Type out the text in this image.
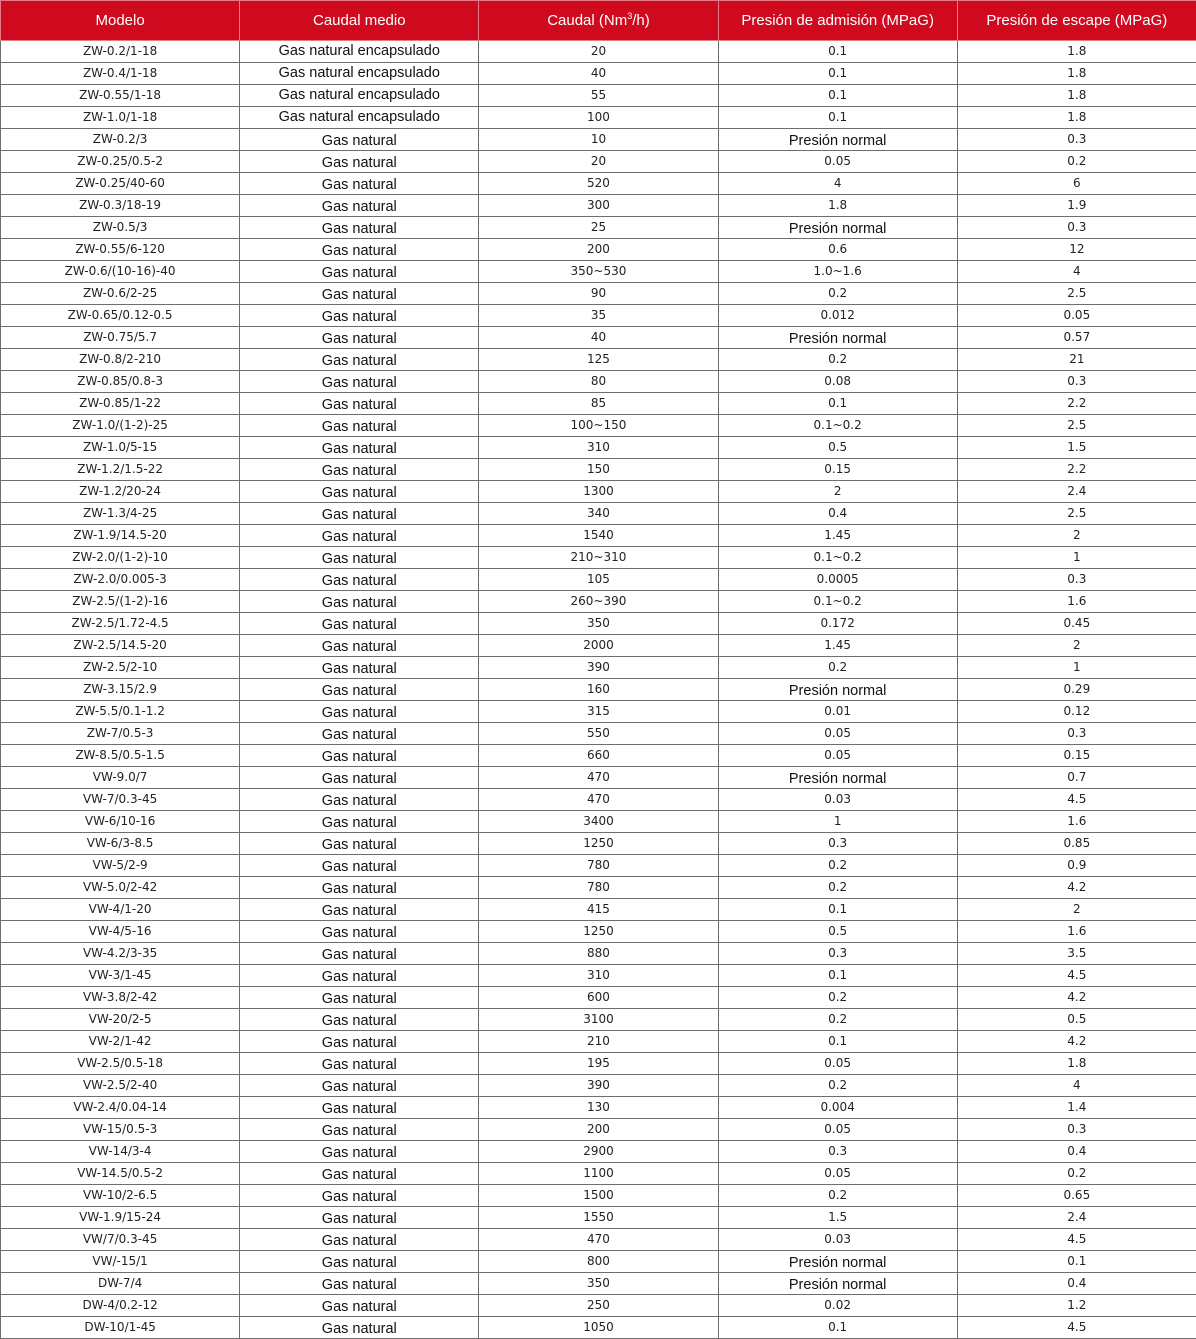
Modelo	Caudal medio	Caudal (Nm$^3$/h)	Presión de admisión (MPaG)	Presión de escape (MPaG)
ZW-0.2/1-18	Gas natural encapsulado	20	0.1	1.8
ZW-0.4/1-18	Gas natural encapsulado	40	0.1	1.8
ZW-0.55/1-18	Gas natural encapsulado	55	0.1	1.8
ZW-1.0/1-18	Gas natural encapsulado	100	0.1	1.8
ZW-0.2/3	Gas natural	10	Presión normal	0.3
ZW-0.25/0.5-2	Gas natural	20	0.05	0.2
ZW-0.25/40-60	Gas natural	520	4	6
ZW-0.3/18-19	Gas natural	300	1.8	1.9
ZW-0.5/3	Gas natural	25	Presión normal	0.3
ZW-0.55/6-120	Gas natural	200	0.6	12
ZW-0.6/(10-16)-40	Gas natural	350~530	1.0~1.6	4
ZW-0.6/2-25	Gas natural	90	0.2	2.5
ZW-0.65/0.12-0.5	Gas natural	35	0.012	0.05
ZW-0.75/5.7	Gas natural	40	Presión normal	0.57
ZW-0.8/2-210	Gas natural	125	0.2	21
ZW-0.85/0.8-3	Gas natural	80	0.08	0.3
ZW-0.85/1-22	Gas natural	85	0.1	2.2
ZW-1.0/(1-2)-25	Gas natural	100~150	0.1~0.2	2.5
ZW-1.0/5-15	Gas natural	310	0.5	1.5
ZW-1.2/1.5-22	Gas natural	150	0.15	2.2
ZW-1.2/20-24	Gas natural	1300	2	2.4
ZW-1.3/4-25	Gas natural	340	0.4	2.5
ZW-1.9/14.5-20	Gas natural	1540	1.45	2
ZW-2.0/(1-2)-10	Gas natural	210~310	0.1~0.2	1
ZW-2.0/0.005-3	Gas natural	105	0.0005	0.3
ZW-2.5/(1-2)-16	Gas natural	260~390	0.1~0.2	1.6
ZW-2.5/1.72-4.5	Gas natural	350	0.172	0.45
ZW-2.5/14.5-20	Gas natural	2000	1.45	2
ZW-2.5/2-10	Gas natural	390	0.2	1
ZW-3.15/2.9	Gas natural	160	Presión normal	0.29
ZW-5.5/0.1-1.2	Gas natural	315	0.01	0.12
ZW-7/0.5-3	Gas natural	550	0.05	0.3
ZW-8.5/0.5-1.5	Gas natural	660	0.05	0.15
VW-9.0/7	Gas natural	470	Presión normal	0.7
VW-7/0.3-45	Gas natural	470	0.03	4.5
VW-6/10-16	Gas natural	3400	1	1.6
VW-6/3-8.5	Gas natural	1250	0.3	0.85
VW-5/2-9	Gas natural	780	0.2	0.9
VW-5.0/2-42	Gas natural	780	0.2	4.2
VW-4/1-20	Gas natural	415	0.1	2
VW-4/5-16	Gas natural	1250	0.5	1.6
VW-4.2/3-35	Gas natural	880	0.3	3.5
VW-3/1-45	Gas natural	310	0.1	4.5
VW-3.8/2-42	Gas natural	600	0.2	4.2
VW-20/2-5	Gas natural	3100	0.2	0.5
VW-2/1-42	Gas natural	210	0.1	4.2
VW-2.5/0.5-18	Gas natural	195	0.05	1.8
VW-2.5/2-40	Gas natural	390	0.2	4
VW-2.4/0.04-14	Gas natural	130	0.004	1.4
VW-15/0.5-3	Gas natural	200	0.05	0.3
VW-14/3-4	Gas natural	2900	0.3	0.4
VW-14.5/0.5-2	Gas natural	1100	0.05	0.2
VW-10/2-6.5	Gas natural	1500	0.2	0.65
VW-1.9/15-24	Gas natural	1550	1.5	2.4
VW/7/0.3-45	Gas natural	470	0.03	4.5
VW/-15/1	Gas natural	800	Presión normal	0.1
DW-7/4	Gas natural	350	Presión normal	0.4
DW-4/0.2-12	Gas natural	250	0.02	1.2
DW-10/1-45	Gas natural	1050	0.1	4.5
